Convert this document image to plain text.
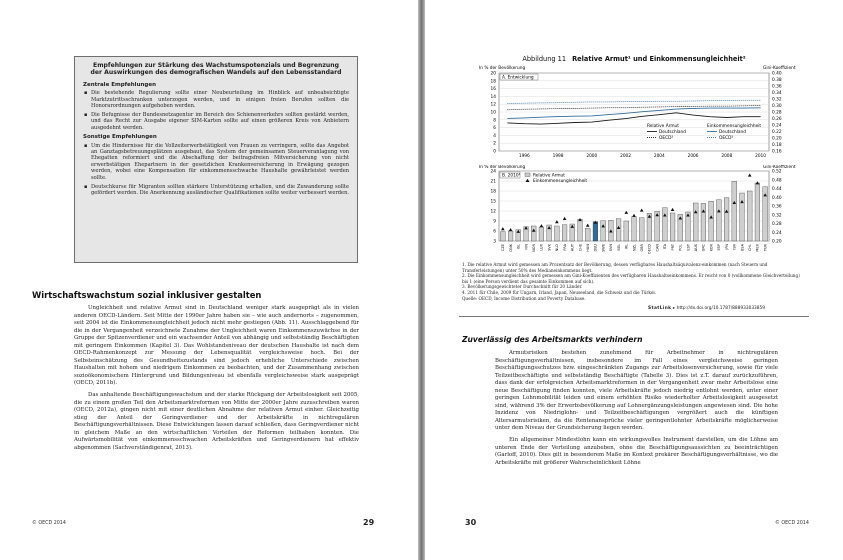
Empfehlungen zur Stärkung des Wachstumspotenzials und Begrenzung der Auswirkungen des demografischen Wandels auf den Lebensstandard
Zentrale Empfehlungen
▪ Die bestehende Regulierung sollte einer Neubeurteilung im Hinblick auf unbeabsichtigte Marktzutrittsschranken unterzogen werden, und in einigen freien Berufen sollten die Honorarordnungen aufgehoben werden.
▪ Die Befugnisse der Bundesnetzagentur im Bereich des Schienenverkehrs sollten gestärkt werden, und das Recht zur Ausgabe eigener SIM-Karten sollte auf einen größeren Kreis von Anbietern ausgedehnt werden.
Sonstige Empfehlungen
▪ Um die Hindernisse für die Vollzeiterwerbstätigkeit von Frauen zu verringern, sollte das Angebot an Ganztagsbetreuungsplätzen ausgebaut, das System der gemeinsamen Steuerveranlagung von Ehegatten reformiert und die Abschaffung der beitragsfreien Mitversicherung von nicht erwerbstätigen Ehepartnern in der gesetzlichen Krankenversicherung in Erwägung gezogen werden, wobei eine Kompensation für einkommensschwache Haushalte gewährleistet werden sollte.
▪ Deutschkurse für Migranten sollten stärkere Unterstützung erhalten, und die Zuwanderung sollte gefördert werden. Die Anerkennung ausländischer Qualifikationen sollte weiter verbessert werden.
Wirtschaftswachstum sozial inklusiver gestalten

Ungleichheit und relative Armut sind in Deutschland weniger stark ausgeprägt als in vielen anderen OECD-Ländern. Seit Mitte der 1990er Jahre haben sie – wie auch andernorts – zugenommen, seit 2004 ist die Einkommensungleichheit jedoch nicht mehr gestiegen (Abb. 11). Ausschlaggebend für die in der Vergangenheit verzeichnete Zunahme der Ungleichheit waren Einkommenszuwächse in der Gruppe der Spitzenverdiener und ein wachsender Anteil von abhängig und selbstständig Beschäftigten mit geringem Einkommen (Kapitel 3). Das Wohlstandsniveau der deutschen Haushalte ist nach dem OECD-Rahmenkonzept zur Messung der Lebensqualität vergleichsweise hoch. Bei der Selbsteinschätzung des Gesundheitszustands sind jedoch erhebliche Unterschiede zwischen Haushalten mit hohem und niedrigem Einkommen zu beobachten, und der Zusammenhang zwischen sozioökonomischem Hintergrund und Bildungsniveau ist ebenfalls vergleichsweise stark ausgeprägt (OECD, 2011b).

Das anhaltende Beschäftigungswachstum und der starke Rückgang der Arbeitslosigkeit seit 2005, die zu einem großen Teil den Arbeitsmarktreformen von Mitte der 2000er Jahre zuzuschreiben waren (OECD, 2012a), gingen nicht mit einer deutlichen Abnahme der relativen Armut einher. Gleichzeitig stieg der Anteil der Geringverdiener und der Arbeitskräfte in nichtregulären Beschäftigungsverhältnissen. Diese Entwicklungen lassen darauf schließen, dass Geringverdiener nicht in gleichem Maße an den wirtschaftlichen Vorteilen der Reformen teilhaben konnten. Die Aufwärtsmobilität von einkommensschwachen Arbeitskräften und Geringverdienern hat effektiv abgenommen (Sachverständigenrat, 2013).

© OECD 2014	29
Abbildung 11 Relative Armut¹ und Einkommensungleichheit²
In % der Bevölkerung	Gini-Koeffizient
0
2
4
6
8
10
12
14
16
18
20
0.16
0.18
0.20
0.22
0.24
0.26
0.28
0.30
0.32
0.34
0.36
0.38
0.40
1996	1998	2000	2002	2004	2006	2008	2010
A. Entwicklung
Relative Armut	Einkommensungleichheit
Deutschland
OECD³
Deutschland
OECD³
In % der Bevölkerung	Gini-Koeffizient
3
6
9
12
15
18
21
24
0.20
0.24
0.28
0.32
0.36
0.40
0.44
0.48
0.52
CZE DNK ISL FIN NOR LUX SVK NLD FRA AUT CHE HUN DEU SWE SVN BEL IRL NZL GBR OECD CAN ITA PRT POL EST AUS GRC KOR ESP JPN ISR USA CHL MEX TUR
B. 2010⁴	Relative Armut
Einkommensungleichheit
1. Die relative Armut wird gemessen am Prozentsatz der Bevölkerung, dessen verfügbares Haushaltsäquivalenz-einkommen (nach Steuern und Transferleistungen) unter 50% des Medianeinkommens liegt.
2. Die Einkommensungleichheit wird gemessen am Gini-Koeffizienten des verfügbaren Haushaltseinkommens. Er reicht von 0 (vollkommene Gleichverteilung) bis 1 (eine Person verdient das gesamte Einkommen auf sich).
3. Bevölkerungsgewichteter Durchschnitt für 20 Länder.
4. 2011 für Chile, 2009 für Ungarn, Irland, Japan, Neuseeland, die Schweiz und die Türkei.
Quelle: OECD, Income Distribution and Poverty Database.
StatLink ▸ http://dx.doi.org/10.1787/888933033859
Zuverlässig des Arbeitsmarkts verhindern

Armutsrisiken bestehen zunehmend für Arbeitnehmer in nichtregulären Beschäftigungsverhältnissen, insbesondere im Fall eines vergleichsweise geringen Beschäftigungsschutzes bzw. eingeschränkten Zugangs zur Arbeitslosenversicherung, sowie für viele Teilzeitbeschäftigte und selbstständig Beschäftigte (Tabelle 3). Dies ist z.T. darauf zurückzuführen, dass dank der erfolgreichen Arbeitsmarktreformen in der Vergangenheit zwar mehr Arbeitslose eine neue Beschäftigung finden konnten, viele Arbeitskräfte jedoch niedrig entlohnt werden, unter einer geringen Lohnmobilität leiden und einem erhöhten Risiko wiederholter Arbeitslosigkeit ausgesetzt sind, während 3% der Erwerbsbevölkerung auf Lohnergänzungsleistungen angewiesen sind. Die hohe Inzidenz von Niedriglohn- und Teilzeitbeschäftigungen vergrößert auch die künftigen Altersarmutsrisiken, da die Rentenansprüche vieler geringentlohnter Arbeitskräfte möglicherweise unter dem Niveau der Grundsicherung liegen werden.

Ein allgemeiner Mindestlohn kann ein wirkungsvolles Instrument darstellen, um die Löhne am unteren Ende der Verteilung anzuheben, ohne die Beschäftigungsaussichten zu beeinträchtigen (Garloff, 2010). Dies gilt in besonderem Maße im Kontext prekärer Beschäftigungsverhältnisse, wo die Arbeitskräfte mit größerer Wahrscheinlichkeit Löhne

30	© OECD 2014
